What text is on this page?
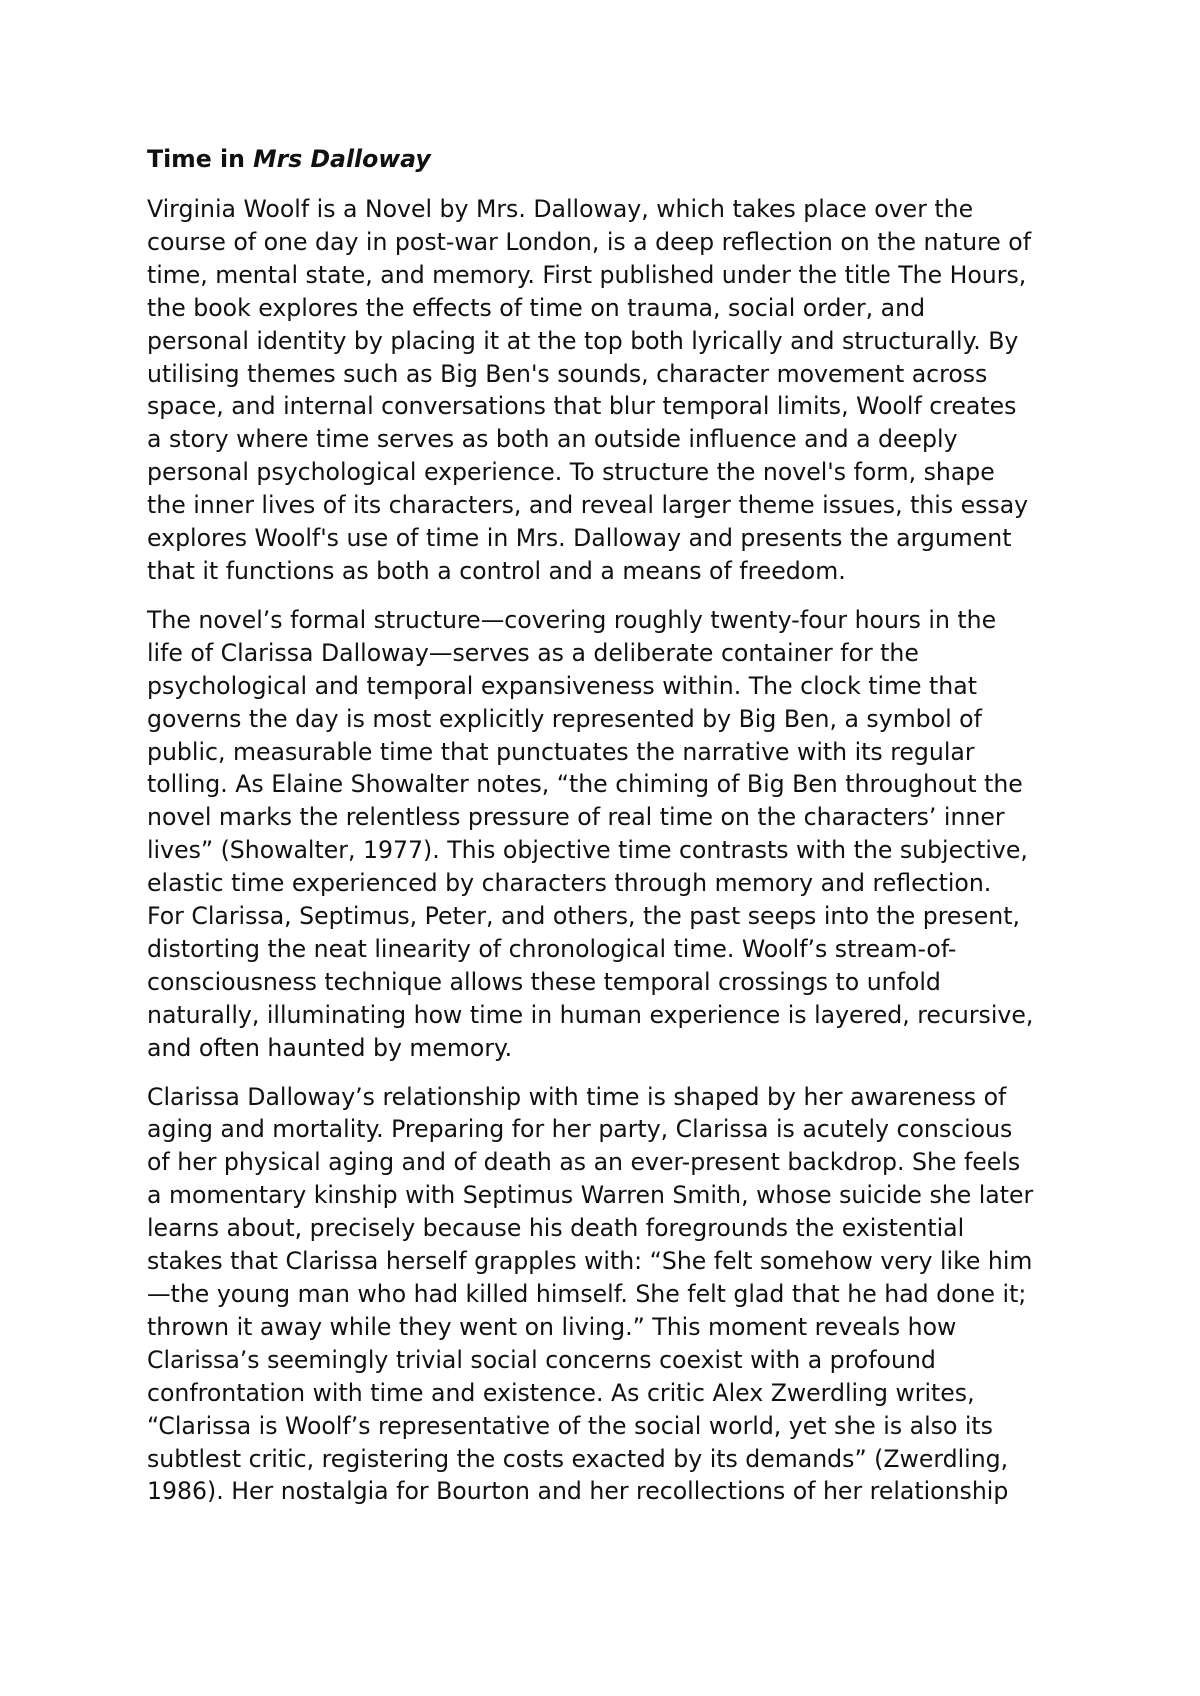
Time in Mrs Dalloway

Virginia Woolf is a Novel by Mrs. Dalloway, which takes place over the
course of one day in post-war London, is a deep reflection on the nature of
time, mental state, and memory. First published under the title The Hours,
the book explores the effects of time on trauma, social order, and
personal identity by placing it at the top both lyrically and structurally. By
utilising themes such as Big Ben's sounds, character movement across
space, and internal conversations that blur temporal limits, Woolf creates
a story where time serves as both an outside influence and a deeply
personal psychological experience. To structure the novel's form, shape
the inner lives of its characters, and reveal larger theme issues, this essay
explores Woolf's use of time in Mrs. Dalloway and presents the argument
that it functions as both a control and a means of freedom.

The novel’s formal structure—covering roughly twenty-four hours in the
life of Clarissa Dalloway—serves as a deliberate container for the
psychological and temporal expansiveness within. The clock time that
governs the day is most explicitly represented by Big Ben, a symbol of
public, measurable time that punctuates the narrative with its regular
tolling. As Elaine Showalter notes, “the chiming of Big Ben throughout the
novel marks the relentless pressure of real time on the characters’ inner
lives” (Showalter, 1977). This objective time contrasts with the subjective,
elastic time experienced by characters through memory and reflection.
For Clarissa, Septimus, Peter, and others, the past seeps into the present,
distorting the neat linearity of chronological time. Woolf’s stream-of-
consciousness technique allows these temporal crossings to unfold
naturally, illuminating how time in human experience is layered, recursive,
and often haunted by memory.

Clarissa Dalloway’s relationship with time is shaped by her awareness of
aging and mortality. Preparing for her party, Clarissa is acutely conscious
of her physical aging and of death as an ever-present backdrop. She feels
a momentary kinship with Septimus Warren Smith, whose suicide she later
learns about, precisely because his death foregrounds the existential
stakes that Clarissa herself grapples with: “She felt somehow very like him
—the young man who had killed himself. She felt glad that he had done it;
thrown it away while they went on living.” This moment reveals how
Clarissa’s seemingly trivial social concerns coexist with a profound
confrontation with time and existence. As critic Alex Zwerdling writes,
“Clarissa is Woolf’s representative of the social world, yet she is also its
subtlest critic, registering the costs exacted by its demands” (Zwerdling,
1986). Her nostalgia for Bourton and her recollections of her relationship
